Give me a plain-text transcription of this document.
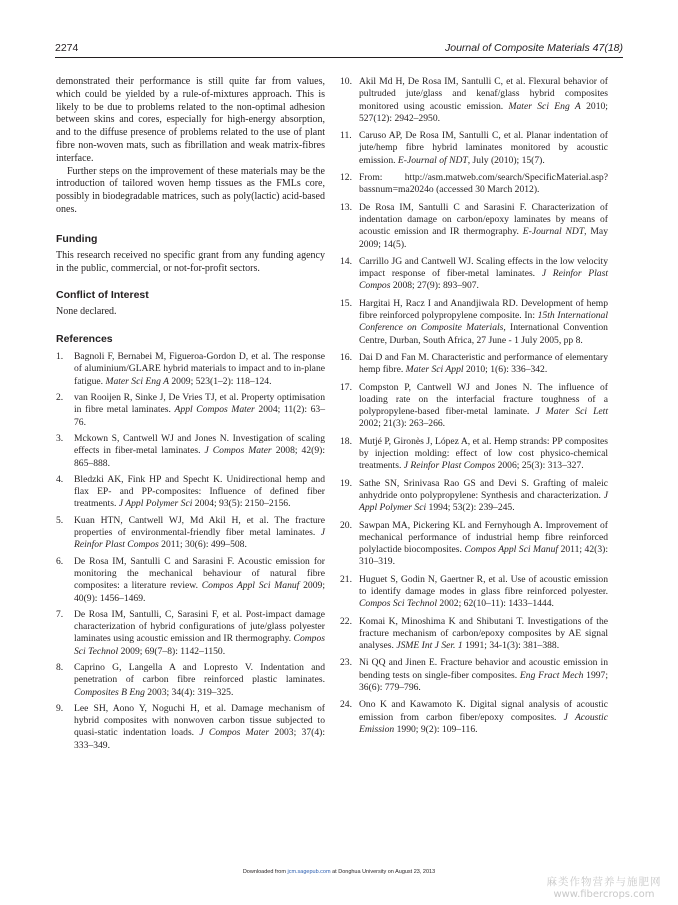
2274	Journal of Composite Materials 47(18)

demonstrated their performance is still quite far from values, which could be yielded by a rule-of-mixtures approach. This is likely to be due to problems related to the non-optimal adhesion between skins and cores, especially for high-energy absorption, and to the diffuse presence of problems related to the use of plant fibre non-woven mats, such as fibrillation and weak matrix-fibres interface.

Further steps on the improvement of these materials may be the introduction of tailored woven hemp tissues as the FMLs core, possibly in biodegradable matrices, such as poly(lactic) acid-based ones.

Funding

This research received no specific grant from any funding agency in the public, commercial, or not-for-profit sectors.

Conflict of Interest

None declared.

References
1. Bagnoli F, Bernabei M, Figueroa-Gordon D, et al. The response of aluminium/GLARE hybrid materials to impact and to in-plane fatigue. Mater Sci Eng A 2009; 523(1–2): 118–124.
2. van Rooijen R, Sinke J, De Vries TJ, et al. Property optimisation in fibre metal laminates. Appl Compos Mater 2004; 11(2): 63–76.
3. Mckown S, Cantwell WJ and Jones N. Investigation of scaling effects in fiber-metal laminates. J Compos Mater 2008; 42(9): 865–888.
4. Bledzki AK, Fink HP and Specht K. Unidirectional hemp and flax EP- and PP-composites: Influence of defined fiber treatments. J Appl Polymer Sci 2004; 93(5): 2150–2156.
5. Kuan HTN, Cantwell WJ, Md Akil H, et al. The fracture properties of environmental-friendly fiber metal laminates. J Reinfor Plast Compos 2011; 30(6): 499–508.
6. De Rosa IM, Santulli C and Sarasini F. Acoustic emission for monitoring the mechanical behaviour of natural fibre composites: a literature review. Compos Appl Sci Manuf 2009; 40(9): 1456–1469.
7. De Rosa IM, Santulli, C, Sarasini F, et al. Post-impact damage characterization of hybrid configurations of jute/glass polyester laminates using acoustic emission and IR thermography. Compos Sci Technol 2009; 69(7–8): 1142–1150.
8. Caprino G, Langella A and Lopresto V. Indentation and penetration of carbon fibre reinforced plastic laminates. Composites B Eng 2003; 34(4): 319–325.
9. Lee SH, Aono Y, Noguchi H, et al. Damage mechanism of hybrid composites with nonwoven carbon tissue subjected to quasi-static indentation loads. J Compos Mater 2003; 37(4): 333–349.
10. Akil Md H, De Rosa IM, Santulli C, et al. Flexural behavior of pultruded jute/glass and kenaf/glass hybrid composites monitored using acoustic emission. Mater Sci Eng A 2010; 527(12): 2942–2950.
11. Caruso AP, De Rosa IM, Santulli C, et al. Planar indentation of jute/hemp fibre hybrid laminates monitored by acoustic emission. E-Journal of NDT, July (2010); 15(7).
12. From: http://asm.matweb.com/search/SpecificMaterial.asp?bassnum=ma2024o (accessed 30 March 2012).
13. De Rosa IM, Santulli C and Sarasini F. Characterization of indentation damage on carbon/epoxy laminates by means of acoustic emission and IR thermography. E-Journal NDT, May 2009; 14(5).
14. Carrillo JG and Cantwell WJ. Scaling effects in the low velocity impact response of fiber-metal laminates. J Reinfor Plast Compos 2008; 27(9): 893–907.
15. Hargitai H, Racz I and Anandjiwala RD. Development of hemp fibre reinforced polypropylene composite. In: 15th International Conference on Composite Materials, International Convention Centre, Durban, South Africa, 27 June - 1 July 2005, pp 8.
16. Dai D and Fan M. Characteristic and performance of elementary hemp fibre. Mater Sci Appl 2010; 1(6): 336–342.
17. Compston P, Cantwell WJ and Jones N. The influence of loading rate on the interfacial fracture toughness of a polypropylene-based fiber-metal laminate. J Mater Sci Lett 2002; 21(3): 263–266.
18. Mutjé P, Gironès J, López A, et al. Hemp strands: PP composites by injection molding: effect of low cost physico-chemical treatments. J Reinfor Plast Compos 2006; 25(3): 313–327.
19. Sathe SN, Srinivasa Rao GS and Devi S. Grafting of maleic anhydride onto polypropylene: Synthesis and characterization. J Appl Polymer Sci 1994; 53(2): 239–245.
20. Sawpan MA, Pickering KL and Fernyhough A. Improvement of mechanical performance of industrial hemp fibre reinforced polylactide biocomposites. Compos Appl Sci Manuf 2011; 42(3): 310–319.
21. Huguet S, Godin N, Gaertner R, et al. Use of acoustic emission to identify damage modes in glass fibre reinforced polyester. Compos Sci Technol 2002; 62(10–11): 1433–1444.
22. Komai K, Minoshima K and Shibutani T. Investigations of the fracture mechanism of carbon/epoxy composites by AE signal analyses. JSME Int J Ser. 1 1991; 34-1(3): 381–388.
23. Ni QQ and Jinen E. Fracture behavior and acoustic emission in bending tests on single-fiber composites. Eng Fract Mech 1997; 36(6): 779–796.
24. Ono K and Kawamoto K. Digital signal analysis of acoustic emission from carbon fiber/epoxy composites. J Acoustic Emission 1990; 9(2): 109–116.
Downloaded from jcm.sagepub.com at Donghua University on August 23, 2013
麻类作物营养与施肥网
www.fibercrops.com
